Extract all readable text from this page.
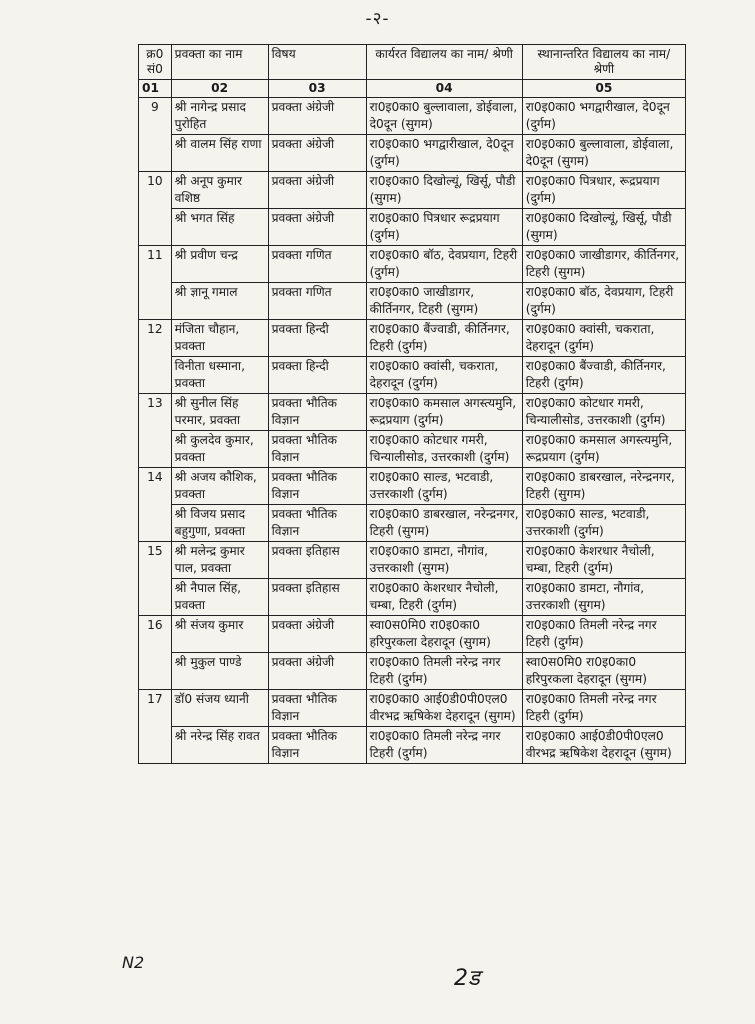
-२-
क्र0 सं0	प्रवक्ता का नाम	विषय	कार्यरत विद्यालय का नाम/ श्रेणी	स्थानान्तरित विद्यालय का नाम/ श्रेणी
01	02	03	04	05
9	श्री नागेन्द्र प्रसाद पुरोहित	प्रवक्ता अंग्रेजी	रा0इ0का0 बुल्लावाला, डोईवाला, दे0दून (सुगम)	रा0इ0का0 भगद्वारीखाल, दे0दून (दुर्गम)
	श्री वालम सिंह राणा	प्रवक्ता अंग्रेजी	रा0इ0का0 भगद्वारीखाल, दे0दून (दुर्गम)	रा0इ0का0 बुल्लावाला, डोईवाला, दे0दून (सुगम)
10	श्री अनूप कुमार वशिष्ठ	प्रवक्ता अंग्रेजी	रा0इ0का0 दिखोल्यूं, खिर्सू, पौडी (सुगम)	रा0इ0का0 पित्रधार, रूद्रप्रयाग (दुर्गम)
	श्री भगत सिंह	प्रवक्ता अंग्रेजी	रा0इ0का0 पित्रधार रूद्रप्रयाग (दुर्गम)	रा0इ0का0 दिखोल्यूं, खिर्सू, पौडी (सुगम)
11	श्री प्रवीण चन्द्र	प्रवक्ता गणित	रा0इ0का0 बॉठ, देवप्रयाग, टिहरी (दुर्गम)	रा0इ0का0 जाखीडागर, कीर्तिनगर, टिहरी (सुगम)
	श्री ज्ञानू गमाल	प्रवक्ता गणित	रा0इ0का0 जाखीडागर, कीर्तिनगर, टिहरी (सुगम)	रा0इ0का0 बॉठ, देवप्रयाग, टिहरी (दुर्गम)
12	मंजिता चौहान, प्रवक्ता	प्रवक्ता हिन्दी	रा0इ0का0 बैंज्वाडी, कीर्तिनगर, टिहरी (दुर्गम)	रा0इ0का0 क्वांसी, चकराता, देहरादून (दुर्गम)
	विनीता धस्माना, प्रवक्ता	प्रवक्ता हिन्दी	रा0इ0का0 क्वांसी, चकराता, देहरादून (दुर्गम)	रा0इ0का0 बैंज्वाडी, कीर्तिनगर, टिहरी (दुर्गम)
13	श्री सुनील सिंह परमार, प्रवक्ता	प्रवक्ता भौतिक विज्ञान	रा0इ0का0 कमसाल अगस्त्यमुनि, रूद्रप्रयाग (दुर्गम)	रा0इ0का0 कोटधार गमरी, चिन्यालीसोड, उत्तरकाशी (दुर्गम)
	श्री कुलदेव कुमार, प्रवक्ता	प्रवक्ता भौतिक विज्ञान	रा0इ0का0 कोटधार गमरी, चिन्यालीसोड, उत्तरकाशी (दुर्गम)	रा0इ0का0 कमसाल अगस्त्यमुनि, रूद्रप्रयाग (दुर्गम)
14	श्री अजय कौशिक, प्रवक्ता	प्रवक्ता भौतिक विज्ञान	रा0इ0का0 साल्ड, भटवाडी, उत्तरकाशी (दुर्गम)	रा0इ0का0 डाबरखाल, नरेन्द्रनगर, टिहरी (सुगम)
	श्री विजय प्रसाद बहुगुणा, प्रवक्ता	प्रवक्ता भौतिक विज्ञान	रा0इ0का0 डाबरखाल, नरेन्द्रनगर, टिहरी (सुगम)	रा0इ0का0 साल्ड, भटवाडी, उत्तरकाशी (दुर्गम)
15	श्री मलेन्द्र कुमार पाल, प्रवक्ता	प्रवक्ता इतिहास	रा0इ0का0 डामटा, नौगांव, उत्तरकाशी (सुगम)	रा0इ0का0 केशरधार नैचोली, चम्बा, टिहरी (दुर्गम)
	श्री नैपाल सिंह, प्रवक्ता	प्रवक्ता इतिहास	रा0इ0का0 केशरधार नैचोली, चम्बा, टिहरी (दुर्गम)	रा0इ0का0 डामटा, नौगांव, उत्तरकाशी (सुगम)
16	श्री संजय कुमार	प्रवक्ता अंग्रेजी	स्वा0स0मि0 रा0इ0का0 हरिपुरकला देहरादून (सुगम)	रा0इ0का0 तिमली नरेन्द्र नगर टिहरी (दुर्गम)
	श्री मुकुल पाण्डे	प्रवक्ता अंग्रेजी	रा0इ0का0 तिमली नरेन्द्र नगर टिहरी (दुर्गम)	स्वा0स0मि0 रा0इ0का0 हरिपुरकला देहरादून (सुगम)
17	डॉ0 संजय ध्यानी	प्रवक्ता भौतिक विज्ञान	रा0इ0का0 आई0डी0पी0एल0 वीरभद्र ऋषिकेश देहरादून (सुगम)	रा0इ0का0 तिमली नरेन्द्र नगर टिहरी (दुर्गम)
	श्री नरेन्द्र सिंह रावत	प्रवक्ता भौतिक विज्ञान	रा0इ0का0 तिमली नरेन्द्र नगर टिहरी (दुर्गम)	रा0इ0का0 आई0डी0पी0एल0 वीरभद्र ऋषिकेश देहरादून (सुगम)
N2
2ड
